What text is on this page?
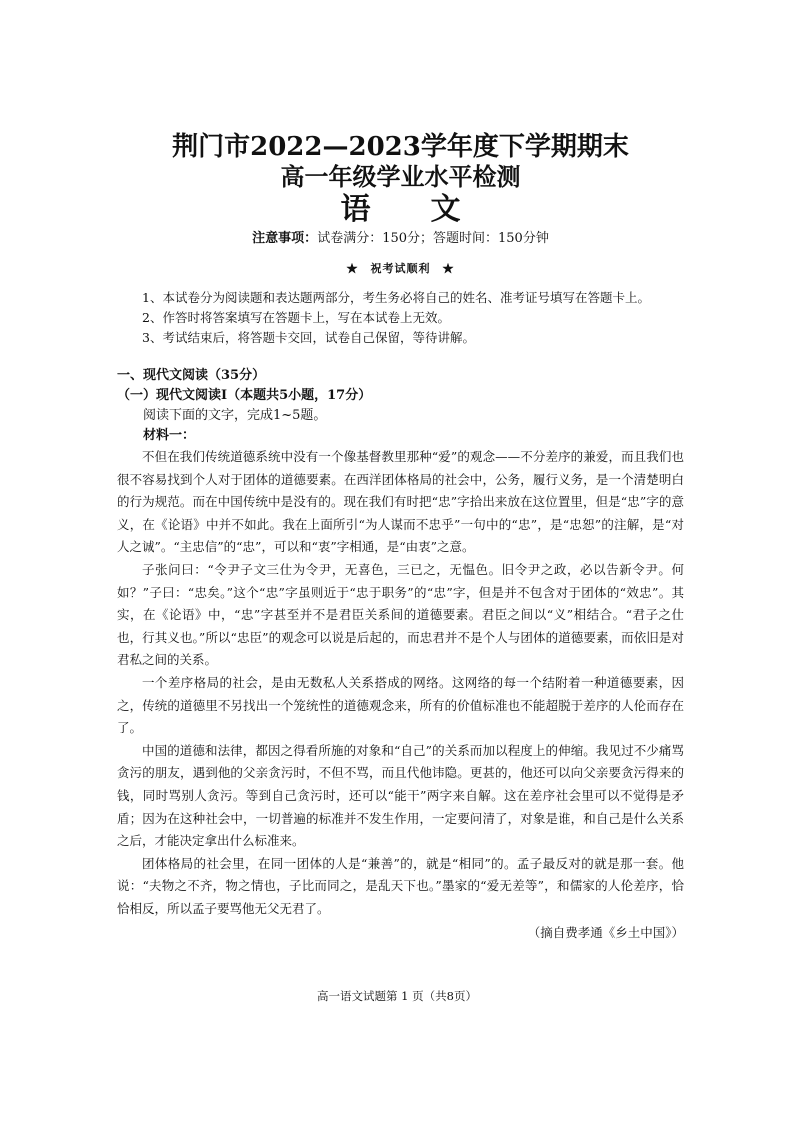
荆门市2022—2023学年度下学期期末

高一年级学业水平检测

语　　文

注意事项：试卷满分：150分；答题时间：150分钟

★　祝考试顺利　★

1、本试卷分为阅读题和表达题两部分，考生务必将自己的姓名、准考证号填写在答题卡上。

2、作答时将答案填写在答题卡上，写在本试卷上无效。

3、考试结束后，将答题卡交回，试卷自己保留，等待讲解。

一、现代文阅读（35分）

（一）现代文阅读Ⅰ（本题共5小题，17分）

阅读下面的文字，完成1~5题。

材料一：

不但在我们传统道德系统中没有一个像基督教里那种“爱”的观念——不分差序的兼爱，而且我们也很不容易找到个人对于团体的道德要素。在西洋团体格局的社会中，公务，履行义务，是一个清楚明白的行为规范。而在中国传统中是没有的。现在我们有时把“忠”字拾出来放在这位置里，但是“忠”字的意义，在《论语》中并不如此。我在上面所引“为人谋而不忠乎”一句中的“忠”，是“忠恕”的注解，是“对人之诚”。“主忠信”的“忠”，可以和“衷”字相通，是“由衷”之意。

子张问曰：“令尹子文三仕为令尹，无喜色，三已之，无愠色。旧令尹之政，必以告新令尹。何如？”子曰：“忠矣。”这个“忠”字虽则近于“忠于职务”的“忠”字，但是并不包含对于团体的“效忠”。其实，在《论语》中，“忠”字甚至并不是君臣关系间的道德要素。君臣之间以“义”相结合。“君子之仕也，行其义也。”所以“忠臣”的观念可以说是后起的，而忠君并不是个人与团体的道德要素，而依旧是对君私之间的关系。

一个差序格局的社会，是由无数私人关系搭成的网络。这网络的每一个结附着一种道德要素，因之，传统的道德里不另找出一个笼统性的道德观念来，所有的价值标准也不能超脱于差序的人伦而存在了。

中国的道德和法律，都因之得看所施的对象和“自己”的关系而加以程度上的伸缩。我见过不少痛骂贪污的朋友，遇到他的父亲贪污时，不但不骂，而且代他讳隐。更甚的，他还可以向父亲要贪污得来的钱，同时骂别人贪污。等到自己贪污时，还可以“能干”两字来自解。这在差序社会里可以不觉得是矛盾；因为在这种社会中，一切普遍的标准并不发生作用，一定要问清了，对象是谁，和自己是什么关系之后，才能决定拿出什么标准来。

团体格局的社会里，在同一团体的人是“兼善”的，就是“相同”的。孟子最反对的就是那一套。他说：“夫物之不齐，物之情也，子比而同之，是乱天下也。”墨家的“爱无差等”，和儒家的人伦差序，恰恰相反，所以孟子要骂他无父无君了。

（摘自费孝通《乡土中国》）

高一语文试题第 1 页（共8页）
